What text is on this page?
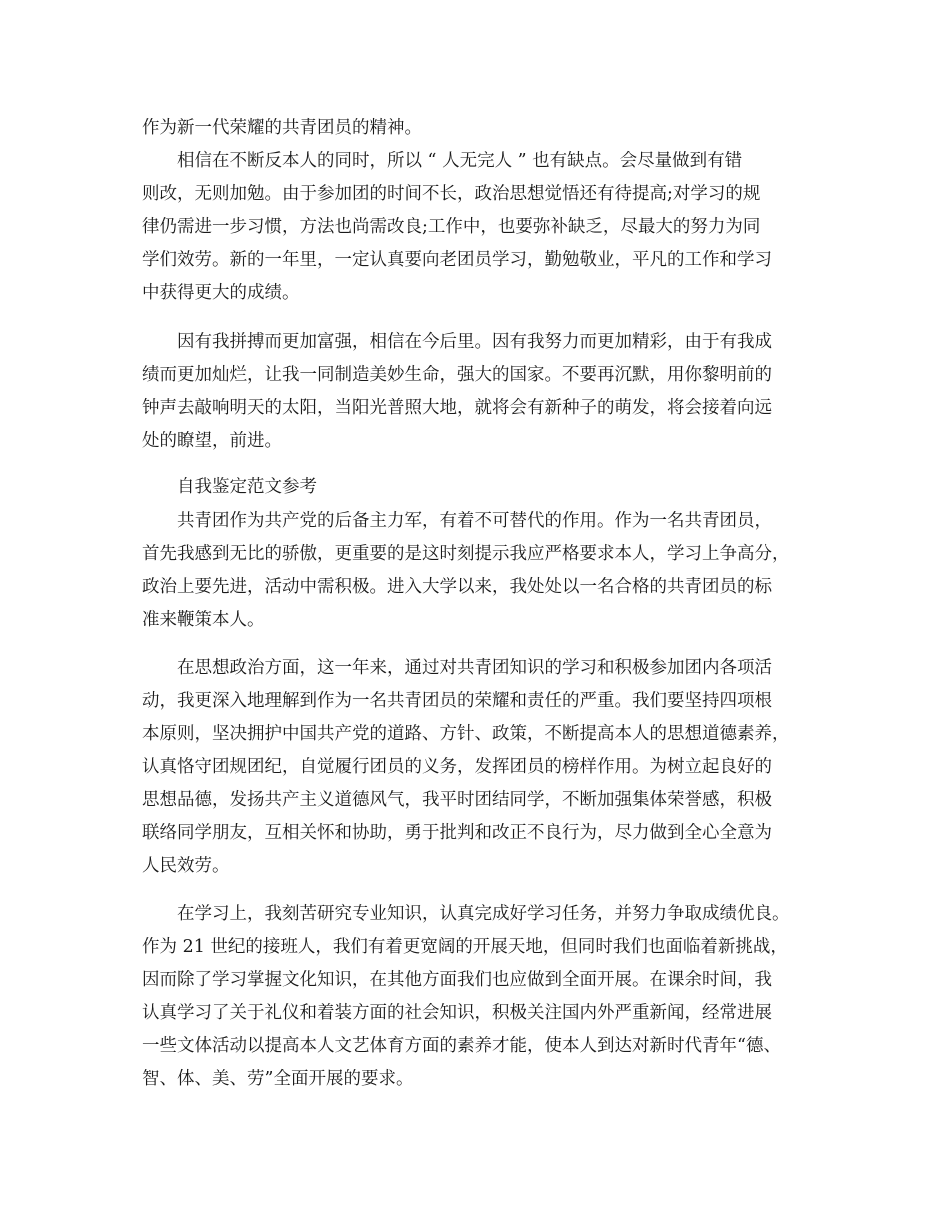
作为新一代荣耀的共青团员的精神。
相信在不断反本人的同时，所以 “ 人无完人 ” 也有缺点。会尽量做到有错
则改，无则加勉。由于参加团的时间不长，政治思想觉悟还有待提高;对学习的规
律仍需进一步习惯，方法也尚需改良;工作中，也要弥补缺乏，尽最大的努力为同
学们效劳。新的一年里，一定认真要向老团员学习，勤勉敬业，平凡的工作和学习
中获得更大的成绩。
因有我拼搏而更加富强，相信在今后里。因有我努力而更加精彩，由于有我成
绩而更加灿烂，让我一同制造美妙生命，强大的国家。不要再沉默，用你黎明前的
钟声去敲响明天的太阳，当阳光普照大地，就将会有新种子的萌发，将会接着向远
处的瞭望，前进。
自我鉴定范文参考
共青团作为共产党的后备主力军，有着不可替代的作用。作为一名共青团员，
首先我感到无比的骄傲，更重要的是这时刻提示我应严格要求本人，学习上争高分，
政治上要先进，活动中需积极。进入大学以来，我处处以一名合格的共青团员的标
准来鞭策本人。
在思想政治方面，这一年来，通过对共青团知识的学习和积极参加团内各项活
动，我更深入地理解到作为一名共青团员的荣耀和责任的严重。我们要坚持四项根
本原则，坚决拥护中国共产党的道路、方针、政策，不断提高本人的思想道德素养，
认真恪守团规团纪，自觉履行团员的义务，发挥团员的榜样作用。为树立起良好的
思想品德，发扬共产主义道德风气，我平时团结同学，不断加强集体荣誉感，积极
联络同学朋友，互相关怀和协助，勇于批判和改正不良行为，尽力做到全心全意为
人民效劳。
在学习上，我刻苦研究专业知识，认真完成好学习任务，并努力争取成绩优良。
作为 21 世纪的接班人，我们有着更宽阔的开展天地，但同时我们也面临着新挑战，
因而除了学习掌握文化知识，在其他方面我们也应做到全面开展。在课余时间，我
认真学习了关于礼仪和着装方面的社会知识，积极关注国内外严重新闻，经常进展
一些文体活动以提高本人文艺体育方面的素养才能，使本人到达对新时代青年“德、
智、体、美、劳”全面开展的要求。
